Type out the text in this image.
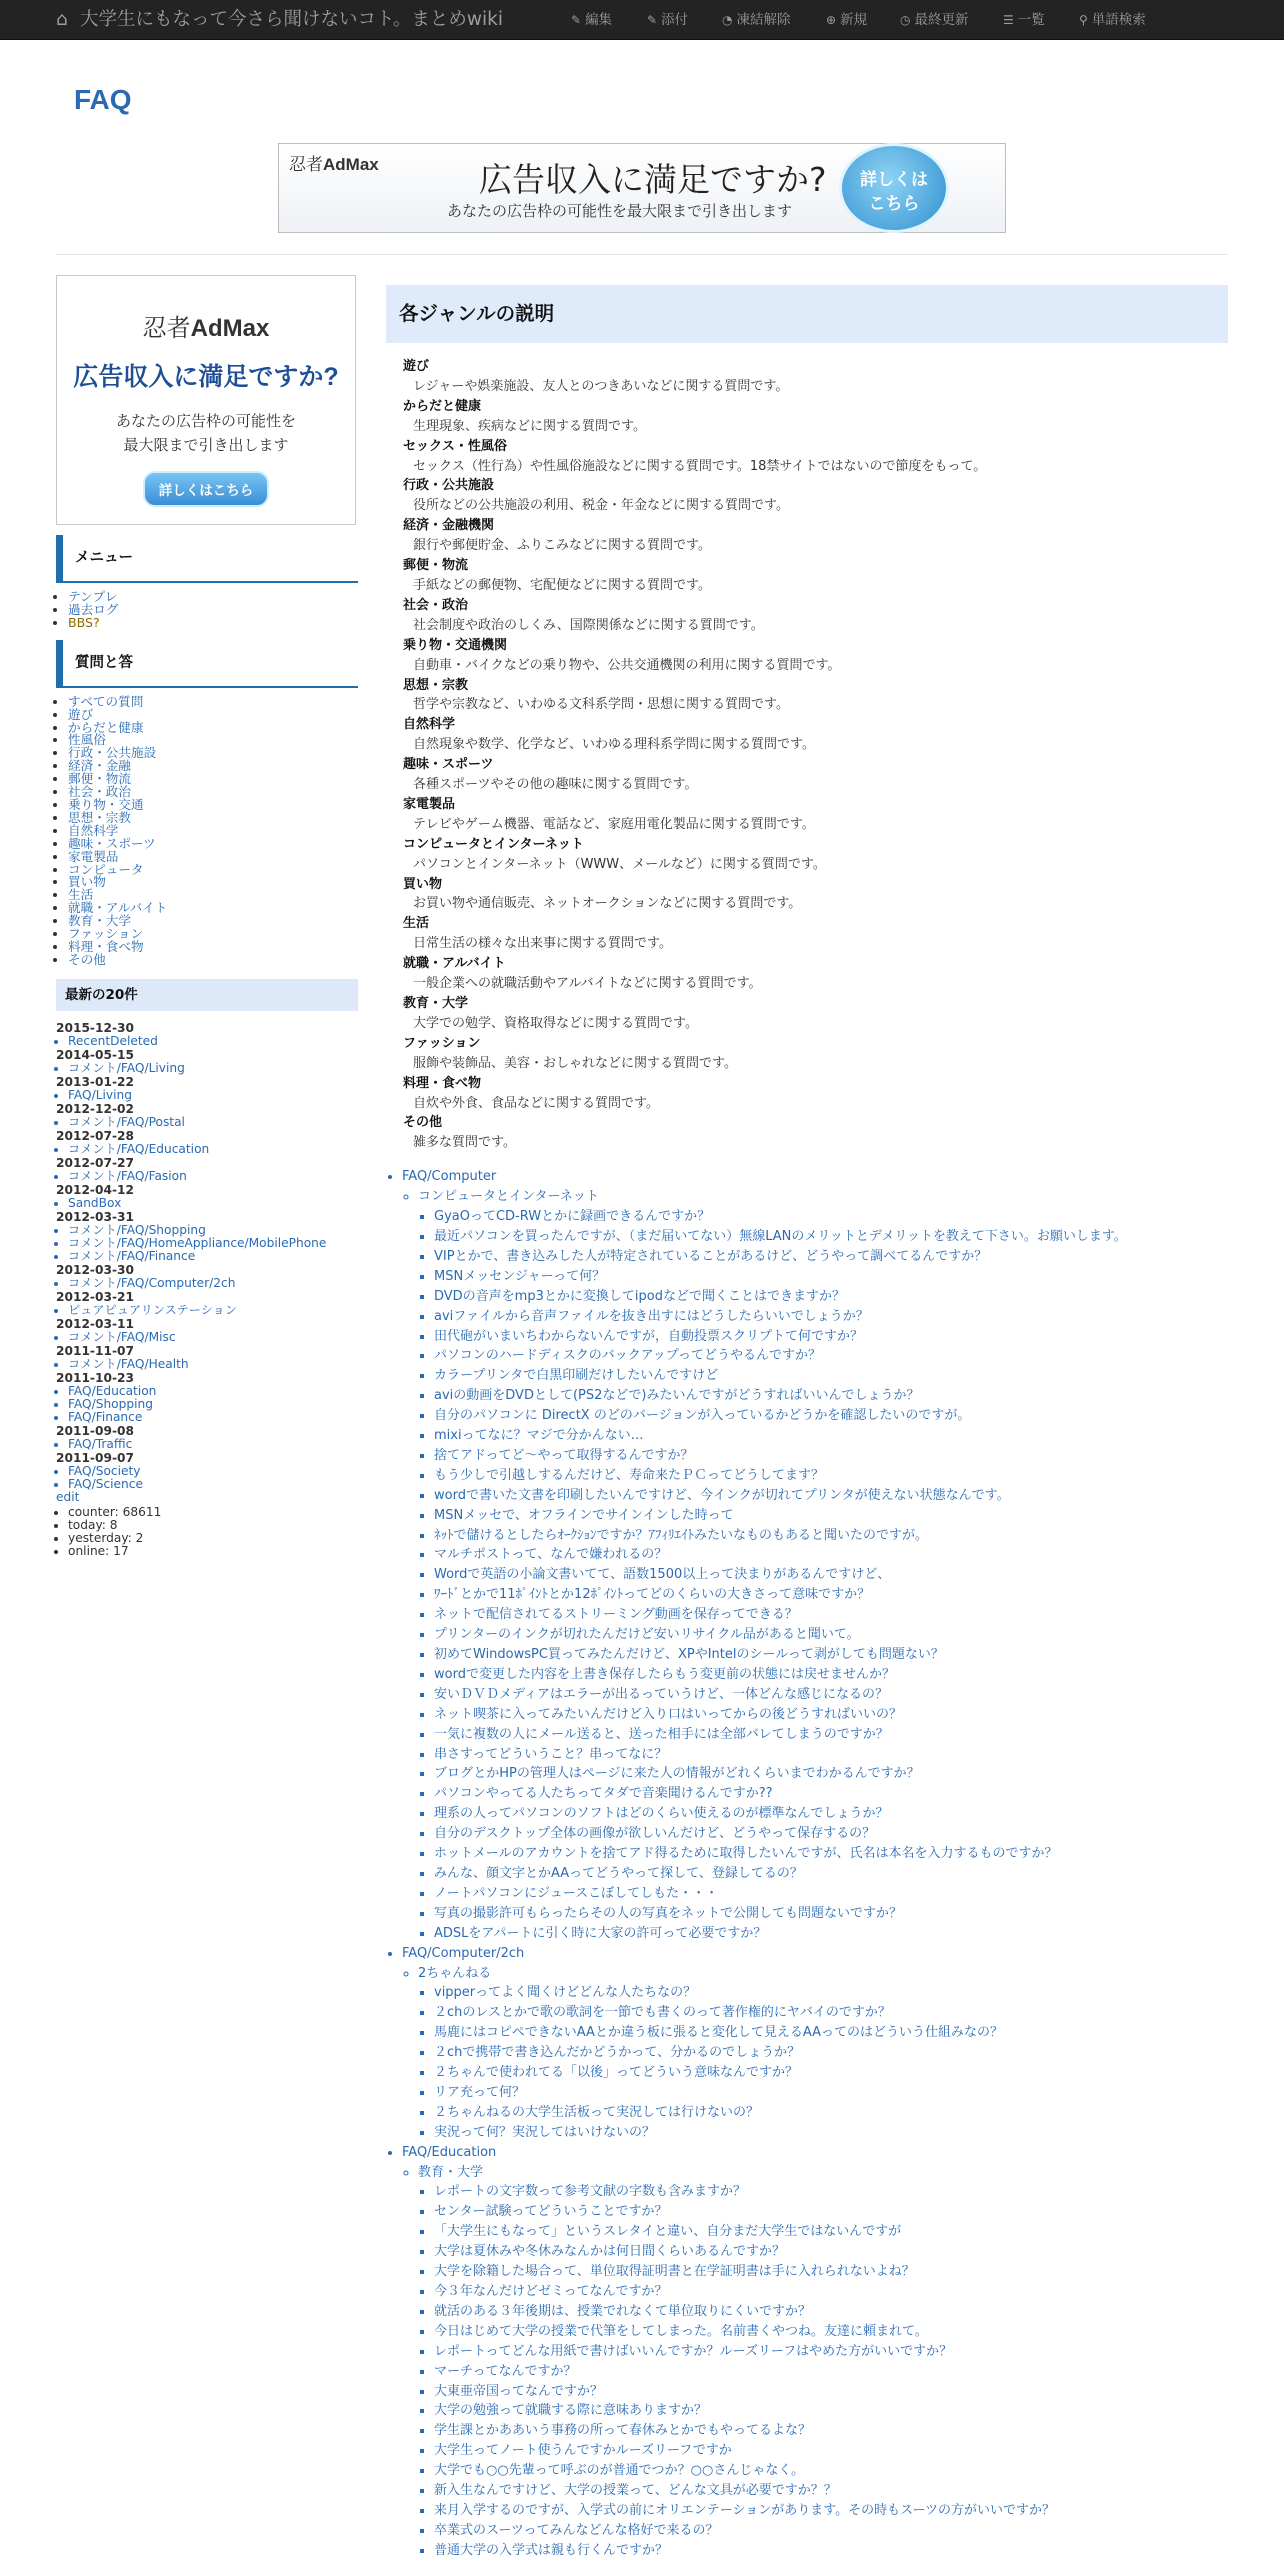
⌂ 大学生にもなって今さら聞けないコト。まとめwiki	✎ 編集	✎ 添付	◔ 凍結解除	⊕ 新規	◷ 最終更新	☰ 一覧	⚲ 単語検索
FAQ
忍者AdMax	広告収入に満足ですか?
あなたの広告枠の可能性を最大限まで引き出します
詳しくは
こちら
忍者AdMax
広告収入に満足ですか?
あなたの広告枠の可能性を
最大限まで引き出します
詳しくはこちら
メニュー
• テンプレ
• 過去ログ
• BBS?
質問と答
• すべての質問
• 遊び
• からだと健康
• 性風俗
• 行政・公共施設
• 経済・金融
• 郵便・物流
• 社会・政治
• 乗り物・交通
• 思想・宗教
• 自然科学
• 趣味・スポーツ
• 家電製品
• コンピュータ
• 買い物
• 生活
• 就職・アルバイト
• 教育・大学
• ファッション
• 料理・食べ物
• その他
最新の20件
2015-12-30
• RecentDeleted
2014-05-15
• コメント/FAQ/Living
2013-01-22
• FAQ/Living
2012-12-02
• コメント/FAQ/Postal
2012-07-28
• コメント/FAQ/Education
2012-07-27
• コメント/FAQ/Fasion
2012-04-12
• SandBox
2012-03-31
• コメント/FAQ/Shopping
• コメント/FAQ/HomeAppliance/MobilePhone
• コメント/FAQ/Finance
2012-03-30
• コメント/FAQ/Computer/2ch
2012-03-21
• ピュアピュアリンステーション
2012-03-11
• コメント/FAQ/Misc
2011-11-07
• コメント/FAQ/Health
2011-10-23
• FAQ/Education
• FAQ/Shopping
• FAQ/Finance
2011-09-08
• FAQ/Traffic
2011-09-07
• FAQ/Society
• FAQ/Science
edit
• counter: 68611
• today: 8
• yesterday: 2
• online: 17
各ジャンルの説明
遊び
レジャーや娯楽施設、友人とのつきあいなどに関する質問です。
からだと健康
生理現象、疾病などに関する質問です。
セックス・性風俗
セックス（性行為）や性風俗施設などに関する質問です。18禁サイトではないので節度をもって。
行政・公共施設
役所などの公共施設の利用、税金・年金などに関する質問です。
経済・金融機関
銀行や郵便貯金、ふりこみなどに関する質問です。
郵便・物流
手紙などの郵便物、宅配便などに関する質問です。
社会・政治
社会制度や政治のしくみ、国際関係などに関する質問です。
乗り物・交通機関
自動車・バイクなどの乗り物や、公共交通機関の利用に関する質問です。
思想・宗教
哲学や宗教など、いわゆる文科系学問・思想に関する質問です。
自然科学
自然現象や数学、化学など、いわゆる理科系学問に関する質問です。
趣味・スポーツ
各種スポーツやその他の趣味に関する質問です。
家電製品
テレビやゲーム機器、電話など、家庭用電化製品に関する質問です。
コンピュータとインターネット
パソコンとインターネット（WWW、メールなど）に関する質問です。
買い物
お買い物や通信販売、ネットオークションなどに関する質問です。
生活
日常生活の様々な出来事に関する質問です。
就職・アルバイト
一般企業への就職活動やアルバイトなどに関する質問です。
教育・大学
大学での勉学、資格取得などに関する質問です。
ファッション
服飾や装飾品、美容・おしゃれなどに関する質問です。
料理・食べ物
自炊や外食、食品などに関する質問です。
その他
雑多な質問です。
• FAQ/Computer
◦ コンピュータとインターネット
▪ GyaOってCD-RWとかに録画できるんですか？
▪ 最近パソコンを買ったんですが、（まだ届いてない）無線LANのメリットとデメリットを教えて下さい。お願いします。
▪ VIPとかで、書き込みした人が特定されていることがあるけど、どうやって調べてるんですか？
▪ MSNメッセンジャーって何？
▪ DVDの音声をmp3とかに変換してipodなどで聞くことはできますか？
▪ aviファイルから音声ファイルを抜き出すにはどうしたらいいでしょうか？
▪ 田代砲がいまいちわからないんですが，自動投票スクリプトて何ですか？
▪ パソコンのハードディスクのバックアップってどうやるんですか？
▪ カラープリンタで白黒印刷だけしたいんですけど
▪ aviの動画をDVDとして(PS2などで)みたいんですがどうすればいいんでしょうか？
▪ 自分のパソコンに DirectX のどのバージョンが入っているかどうかを確認したいのですが。
▪ mixiってなに？マジで分かんない…
▪ 捨てアドってど～やって取得するんですか？
▪ もう少しで引越しするんだけど、寿命来たＰＣってどうしてます？
▪ wordで書いた文書を印刷したいんですけど、今インクが切れてプリンタが使えない状態なんです。
▪ MSNメッセで、オフラインでサインインした時って
▪ ﾈｯﾄで儲けるとしたらｵｰｸｼｮﾝですか？ｱﾌｨﾘｴｲﾄみたいなものもあると聞いたのですが。
▪ マルチポストって、なんで嫌われるの？
▪ Wordで英語の小論文書いてて、語数1500以上って決まりがあるんですけど、
▪ ﾜｰﾄﾞとかで11ﾎﾟｲﾝﾄとか12ﾎﾟｲﾝﾄってどのくらいの大きさって意味ですか？
▪ ネットで配信されてるストリーミング動画を保存ってできる？
▪ プリンターのインクが切れたんだけど安いリサイクル品があると聞いて。
▪ 初めてWindowsPC買ってみたんだけど、XPやIntelのシールって剥がしても問題ない？
▪ wordで変更した内容を上書き保存したらもう変更前の状態には戻せませんか？
▪ 安いＤＶＤメディアはエラーが出るっていうけど、一体どんな感じになるの？
▪ ネット喫茶に入ってみたいんだけど入り口はいってからの後どうすればいいの？
▪ 一気に複数の人にメール送ると、送った相手には全部バレてしまうのですか？
▪ 串さすってどういうこと？串ってなに？
▪ ブログとかHPの管理人はページに来た人の情報がどれくらいまでわかるんですか？
▪ パソコンやってる人たちってタダで音楽聞けるんですか??
▪ 理系の人ってパソコンのソフトはどのくらい使えるのが標準なんでしょうか？
▪ 自分のデスクトップ全体の画像が欲しいんだけど、どうやって保存するの？
▪ ホットメールのアカウントを捨てアド得るために取得したいんですが、氏名は本名を入力するものですか？
▪ みんな、顔文字とかAAってどうやって探して、登録してるの？
▪ ノートパソコンにジュースこぼしてしもた・・・
▪ 写真の撮影許可もらったらその人の写真をネットで公開しても問題ないですか？
▪ ADSLをアパートに引く時に大家の許可って必要ですか？
• FAQ/Computer/2ch
◦ 2ちゃんねる
▪ vipperってよく聞くけどどんな人たちなの？
▪ ２chのレスとかで歌の歌詞を一節でも書くのって著作権的にヤバイのですか？
▪ 馬鹿にはコピペできないAAとか違う板に張ると変化して見えるAAってのはどういう仕組みなの？
▪ ２chで携帯で書き込んだかどうかって、分かるのでしょうか？
▪ ２ちゃんで使われてる「以後」ってどういう意味なんですか？
▪ リア充って何？
▪ ２ちゃんねるの大学生活板って実況しては行けないの？
▪ 実況って何？実況してはいけないの？
• FAQ/Education
◦ 教育・大学
▪ レポートの文字数って参考文献の字数も含みますか？
▪ センター試験ってどういうことですか？
▪ 「大学生にもなって」というスレタイと違い、自分まだ大学生ではないんですが
▪ 大学は夏休みや冬休みなんかは何日間くらいあるんですか？
▪ 大学を除籍した場合って、単位取得証明書と在学証明書は手に入れられないよね？
▪ 今３年なんだけどゼミってなんですか？
▪ 就活のある３年後期は、授業でれなくて単位取りにくいですか？
▪ 今日はじめて大学の授業で代筆をしてしまった。名前書くやつね。友達に頼まれて。
▪ レポートってどんな用紙で書けばいいんですか？ルーズリーフはやめた方がいいですか？
▪ マーチってなんですか？
▪ 大東亜帝国ってなんですか？
▪ 大学の勉強って就職する際に意味ありますか？
▪ 学生課とかああいう事務の所って春休みとかでもやってるよな？
▪ 大学生ってノート使うんですかルーズリーフですか
▪ 大学でも○○先輩って呼ぶのが普通でつか？○○さんじゃなく。
▪ 新入生なんですけど、大学の授業って、どんな文具が必要ですか？？
▪ 来月入学するのですが、入学式の前にオリエンテーションがあります。その時もスーツの方がいいですか？
▪ 卒業式のスーツってみんなどんな格好で来るの？
▪ 普通大学の入学式は親も行くんですか？
